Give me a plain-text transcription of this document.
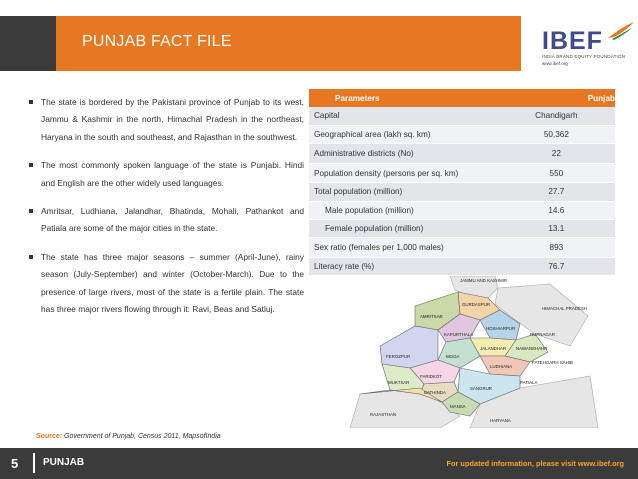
PUNJAB FACT FILE	IBEF
INDIA BRAND EQUITY FOUNDATION
www.ibef.org

The state is bordered by the Pakistani province of Punjab to its west, Jammu & Kashmir in the north, Himachal Pradesh in the northeast, Haryana in the south and southeast, and Rajasthan in the southwest.

The most commonly spoken language of the state is Punjabi. Hindi and English are the other widely used languages.

Amritsar, Ludhiana, Jalandhar, Bhatinda, Mohali, Pathankot and Patiala are some of the major cities in the state.

The state has three major seasons – summer (April-June), rainy season (July-September) and winter (October-March). Due to the presence of large rivers, most of the state is a fertile plain. The state has three major rivers flowing through it: Ravi, Beas and Satluj.

Parameters	Punjab
Capital	Chandigarh
Geographical area (lakh sq. km)	50,362
Administrative districts (No)	22
Population density (persons per sq. km)	550
Total population (million)	27.7
Male population (million)	14.6
Female population (million)	13.1
Sex ratio (females per 1,000 males)	893
Literacy rate (%)	76.7
JAMMU AND KASHMIR
GURDASPUR
AMRITSAR
HOSHIARPUR
KAPURTHALA
JALANDHAR NAWANSHAHR
RUPNAGAR
LUDHIANA
FEROZPUR	MOGA
FATEHGARH SAHIB
FARIDKOT
PATIALA
SANGRUR
BATHINDA
MANSA
MUKTSAR
RAJASTHAN
HARYANA
HIMACHAL PRADESH
Source: Government of Punjab, Census 2011, MapsofIndia
5 PUNJAB	For updated information, please visit www.ibef.org
